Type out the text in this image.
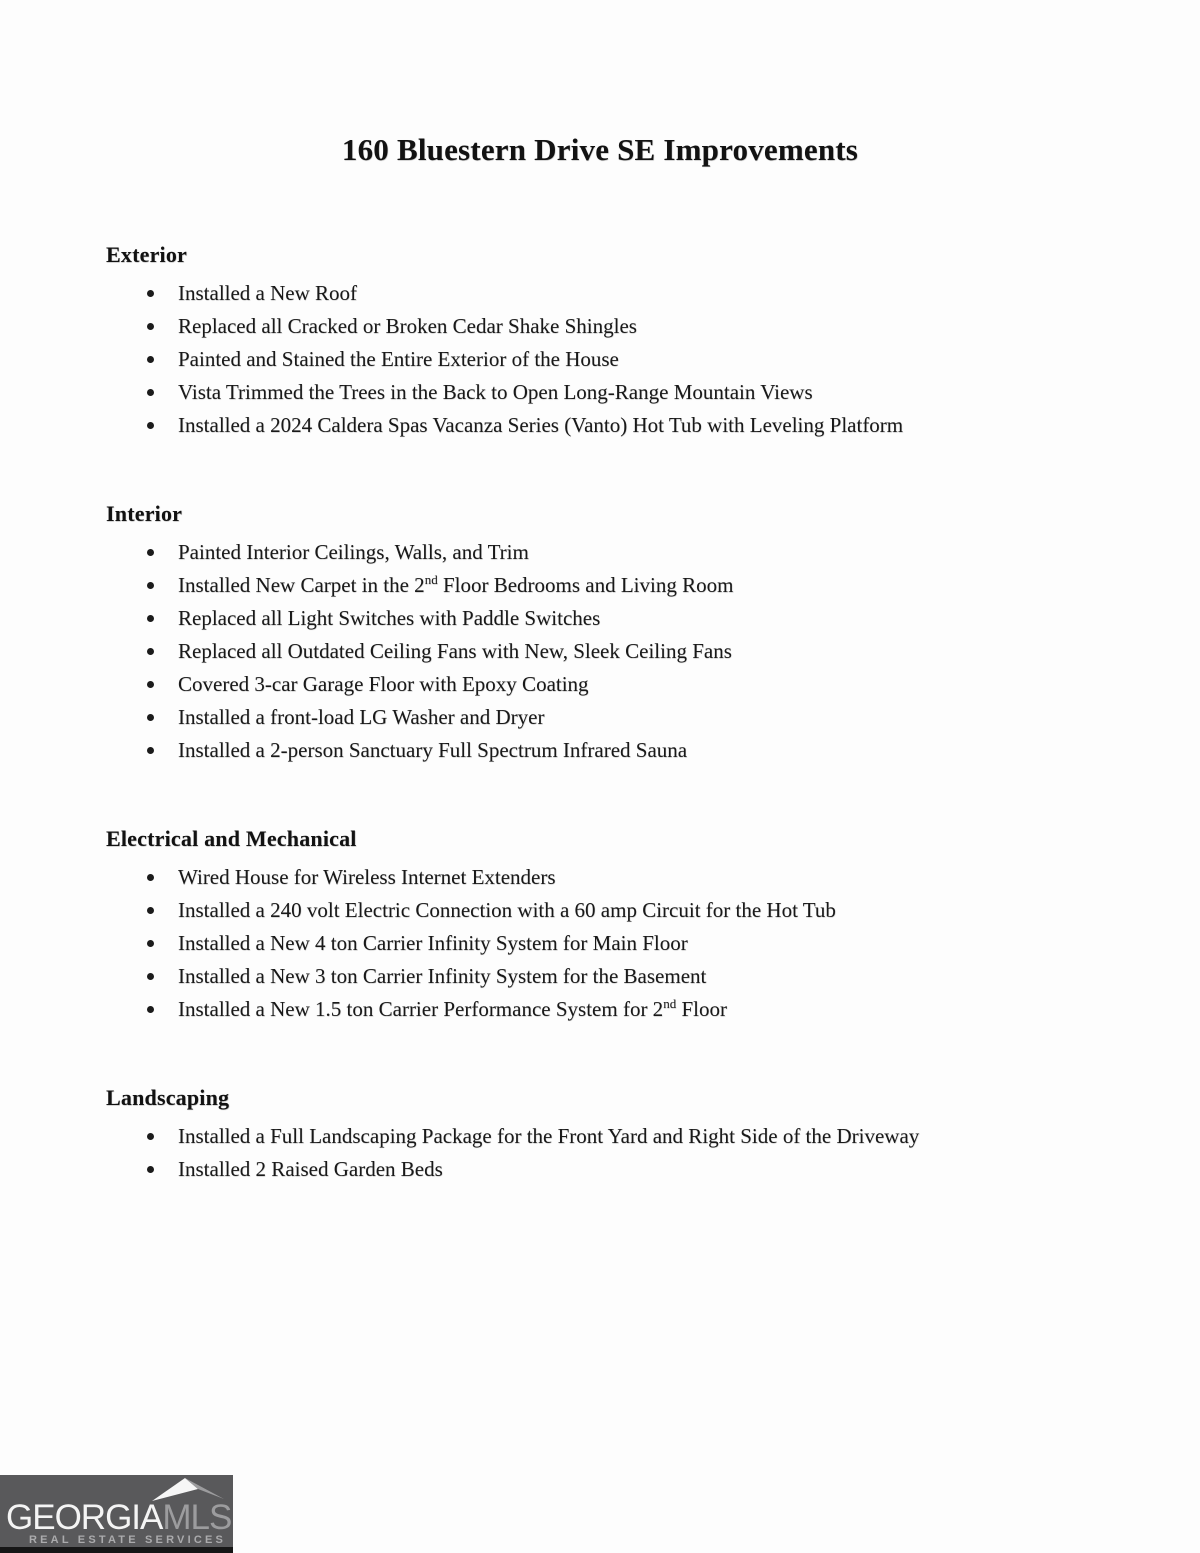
160 Bluestern Drive SE Improvements
Exterior
Installed a New Roof
Replaced all Cracked or Broken Cedar Shake Shingles
Painted and Stained the Entire Exterior of the House
Vista Trimmed the Trees in the Back to Open Long-Range Mountain Views
Installed a 2024 Caldera Spas Vacanza Series (Vanto) Hot Tub with Leveling Platform
Interior
Painted Interior Ceilings, Walls, and Trim
Installed New Carpet in the 2nd Floor Bedrooms and Living Room
Replaced all Light Switches with Paddle Switches
Replaced all Outdated Ceiling Fans with New, Sleek Ceiling Fans
Covered 3-car Garage Floor with Epoxy Coating
Installed a front-load LG Washer and Dryer
Installed a 2-person Sanctuary Full Spectrum Infrared Sauna
Electrical and Mechanical
Wired House for Wireless Internet Extenders
Installed a 240 volt Electric Connection with a 60 amp Circuit for the Hot Tub
Installed a New 4 ton Carrier Infinity System for Main Floor
Installed a New 3 ton Carrier Infinity System for the Basement
Installed a New 1.5 ton Carrier Performance System for 2nd Floor
Landscaping
Installed a Full Landscaping Package for the Front Yard and Right Side of the Driveway
Installed 2 Raised Garden Beds
GEORGIAMLS
REAL ESTATE SERVICES
